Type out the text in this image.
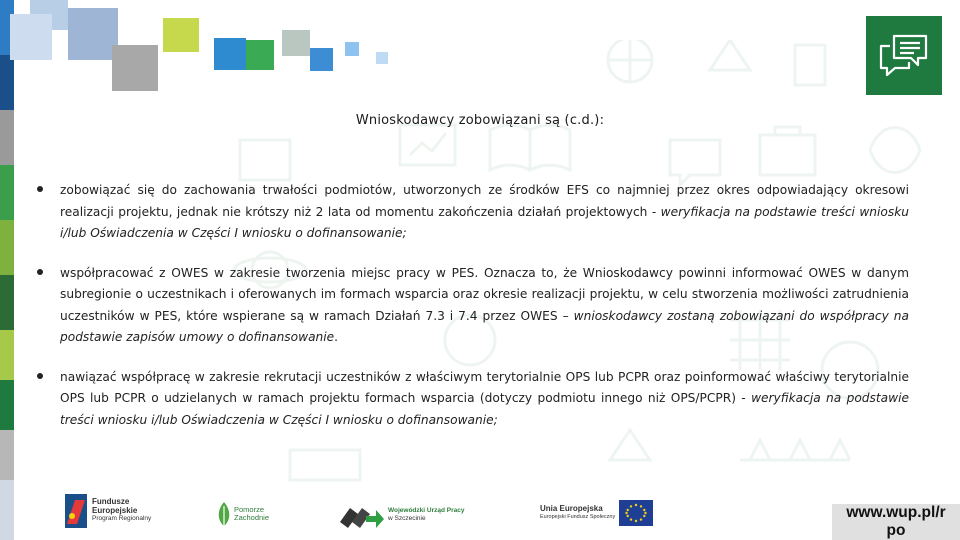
Wnioskodawcy zobowiązani są (c.d.):
zobowiązać się do zachowania trwałości podmiotów, utworzonych ze środków EFS co najmniej przez okres odpowiadający okresowi realizacji projektu, jednak nie krótszy niż 2 lata od momentu zakończenia działań projektowych - weryfikacja na podstawie treści wniosku i/lub Oświadczenia w Części I wniosku o dofinansowanie;
współpracować z OWES w zakresie tworzenia miejsc pracy w PES. Oznacza to, że Wnioskodawcy powinni informować OWES w danym subregionie o uczestnikach i oferowanych im formach wsparcia oraz okresie realizacji projektu, w celu stworzenia możliwości zatrudnienia uczestników w PES, które wspierane są w ramach Działań 7.3 i 7.4 przez OWES – wnioskodawcy zostaną zobowiązani do współpracy na podstawie zapisów umowy o dofinansowanie.
nawiązać współpracę w zakresie rekrutacji uczestników z właściwym terytorialnie OPS lub PCPR oraz poinformować właściwy terytorialnie OPS lub PCPR o udzielanych w ramach projektu formach wsparcia (dotyczy podmiotu innego niż OPS/PCPR) - weryfikacja na podstawie treści wniosku i/lub Oświadczenia w Części I wniosku o dofinansowanie;
Fundusze
Europejskie
Program Regionalny
Pomorze
Zachodnie
Wojewódzki Urząd Pracy
w Szczecinie
Unia Europejska
Europejski Fundusz Społeczny	www.wup.pl/r
po
